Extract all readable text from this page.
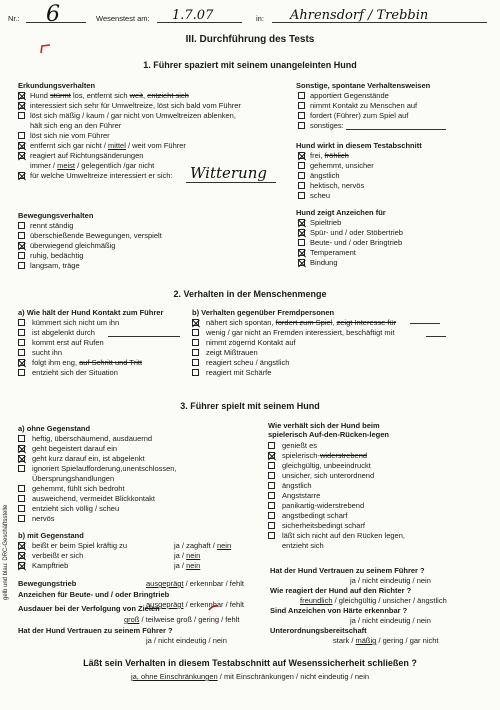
Nr.: 6	Wesenstest am: 1.7.07	in: Ahrensdorf / Trebbin
III. Durchführung des Tests
gelb und blau: DRC-Geschäftsstelle
1. Führer spaziert mit seinem unangeleinten Hund
Erkundungsverhalten
Hund stürmt los, entfernt sich weit, entzieht sich
interessiert sich sehr für Umweltreize, löst sich bald vom Führer
löst sich mäßig / kaum / gar nicht von Umweltreizen ablenken,
hält sich eng an den Führer
löst sich nie vom Führer
entfernt sich gar nicht / mittel / weit vom Führer
reagiert auf Richtungsänderungen
immer / meist / gelegentlich /gar nicht
für welche Umweltreize interessiert er sich: Witterung
Sonstige, spontane Verhaltensweisen
apportiert Gegenstände
nimmt Kontakt zu Menschen auf
fordert (Führer) zum Spiel auf
sonstiges:
Hund wirkt in diesem Testabschnitt
frei, fröhlich
gehemmt, unsicher
ängstlich
hektisch, nervös
scheu
Bewegungsverhalten
rennt ständig
überschießende Bewegungen, verspielt
überwiegend gleichmäßig
ruhig, bedächtig
langsam, träge
Hund zeigt Anzeichen für
Spieltrieb
Spür- und / oder Stöbertrieb
Beute- und / oder Bringtrieb
Temperament
Bindung
2. Verhalten in der Menschenmenge
a) Wie hält der Hund Kontakt zum Führer
kümmert sich nicht um ihn
ist abgelenkt durch
kommt erst auf Rufen
sucht ihn
folgt ihm eng, auf Schritt und Tritt
entzieht sich der Situation
b) Verhalten gegenüber Fremdpersonen
nähert sich spontan, fordert zum Spiel, zeigt Interesse für
wenig / gar nicht an Fremden interessiert, beschäftigt mit
nimmt zögernd Kontakt auf
zeigt Mißtrauen
reagiert scheu / ängstlich
reagiert mit Schärfe
3. Führer spielt mit seinem Hund
a) ohne Gegenstand
heftig, überschäumend, ausdauernd
geht begeistert darauf ein
geht kurz darauf ein, ist abgelenkt
ignoriert Spielaufforderung,unentschlossen,
Übersprungshandlungen
gehemmt, fühlt sich bedroht
ausweichend, vermeidet Blickkontakt
entzieht sich völlig / scheu
nervös
b) mit Gegenstand
beißt er beim Spiel kräftig zu	ja / zaghaft / nein
verbeißt er sich	ja / nein
Kampftrieb	ja / nein
Bewegungstrieb	ausgeprägt / erkennbar / fehlt
Anzeichen für Beute- und / oder Bringtrieb
ausgeprägt / erkennbar / fehlt
Ausdauer bei der Verfolgung von Zielen
groß / teilweise groß / gering / fehlt
Hat der Hund Vertrauen zu seinem Führer ?
ja / nicht eindeutig / nein
Wie verhält sich der Hund beim
spielerisch Auf-den-Rücken-legen
genießt es
spielerisch-widerstrebend
gleichgültig, unbeeindruckt
unsicher, sich unterordnend
ängstlich
Angststarre
panikartig-widerstrebend
angstbedingt scharf
sicherheitsbedingt scharf
läßt sich nicht auf den Rücken legen,
entzieht sich
Hat der Hund Vertrauen zu seinem Führer ?
ja / nicht eindeutig / nein
Wie reagiert der Hund auf den Richter ?
freundlich / gleichgültig / unsicher / ängstlich
Sind Anzeichen von Härte erkennbar ?
ja / nicht eindeutig / nein
Unterordnungsbereitschaft
stark / mäßig / gering / gar nicht
Läßt sein Verhalten in diesem Testabschnitt auf Wesenssicherheit schließen ?
ja, ohne Einschränkungen / mit Einschränkungen / nicht eindeutig / nein
